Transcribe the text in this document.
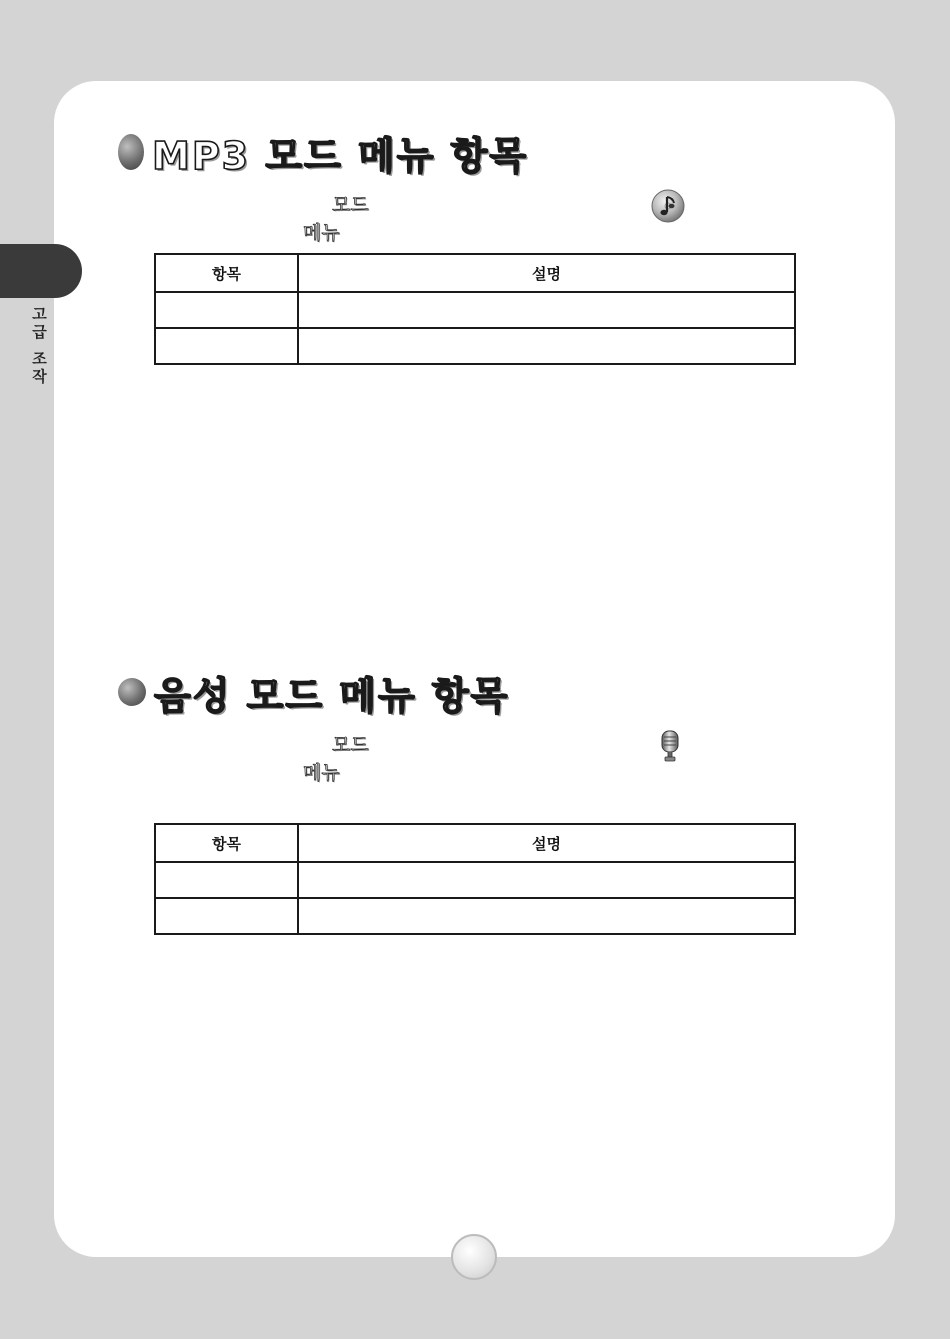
고급 조작
MP3 모드 메뉴 항목
모드
메뉴
항목	설명

음성 모드 메뉴 항목
모드
메뉴
항목	설명
